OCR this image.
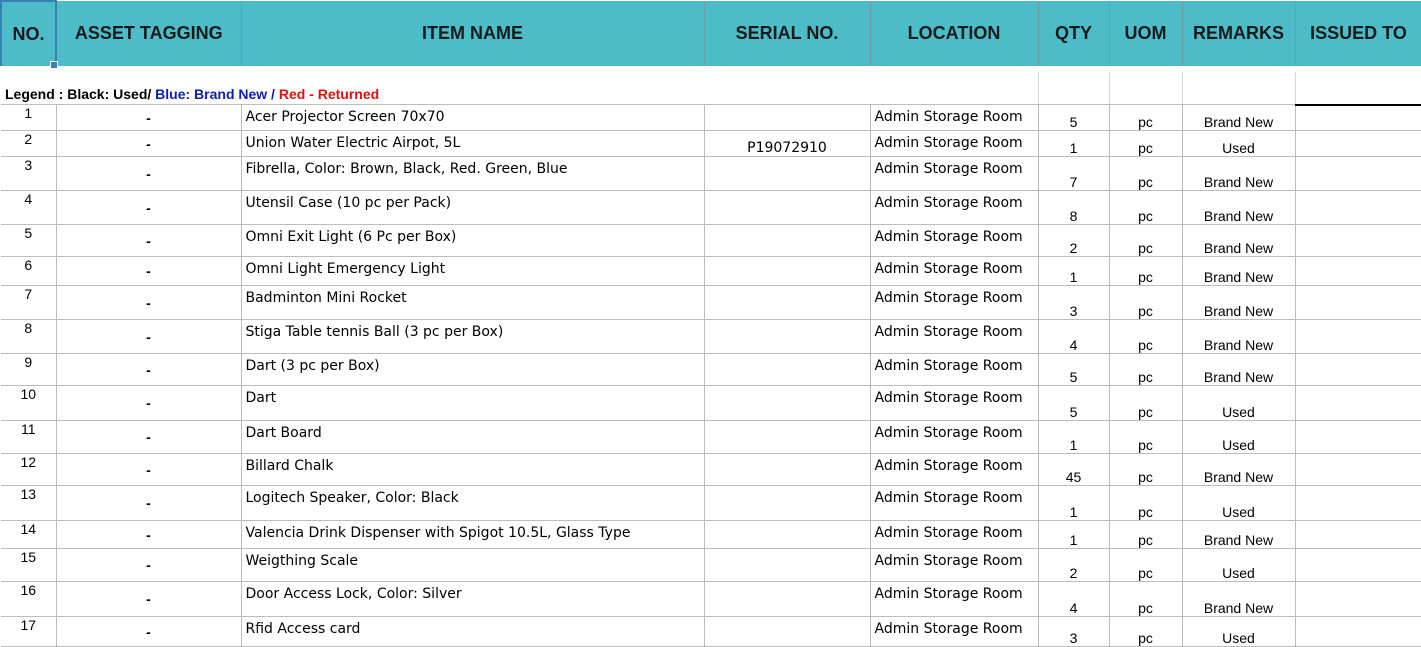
NO.	ASSET TAGGING	ITEM NAME	SERIAL NO.	LOCATION	QTY	UOM	REMARKS	ISSUED TO
Legend : Black: Used/ Blue: Brand New / Red - Returned								
1	-	Acer Projector Screen 70x70		Admin Storage Room	5	pc	Brand New	
2	-	Union Water Electric Airpot, 5L	P19072910	Admin Storage Room	1	pc	Used	
3	-	Fibrella, Color: Brown, Black, Red. Green, Blue		Admin Storage Room	7	pc	Brand New	
4	-	Utensil Case (10 pc per Pack)		Admin Storage Room	8	pc	Brand New	
5	-	Omni Exit Light (6 Pc per Box)		Admin Storage Room	2	pc	Brand New	
6	-	Omni Light Emergency Light		Admin Storage Room	1	pc	Brand New	
7	-	Badminton Mini Rocket		Admin Storage Room	3	pc	Brand New	
8	-	Stiga Table tennis Ball (3 pc per Box)		Admin Storage Room	4	pc	Brand New	
9	-	Dart (3 pc per Box)		Admin Storage Room	5	pc	Brand New	
10	-	Dart		Admin Storage Room	5	pc	Used	
11	-	Dart Board		Admin Storage Room	1	pc	Used	
12	-	Billard Chalk		Admin Storage Room	45	pc	Brand New	
13	-	Logitech Speaker, Color: Black		Admin Storage Room	1	pc	Used	
14	-	Valencia Drink Dispenser with Spigot 10.5L, Glass Type		Admin Storage Room	1	pc	Brand New	
15	-	Weigthing Scale		Admin Storage Room	2	pc	Used	
16	-	Door Access Lock, Color: Silver		Admin Storage Room	4	pc	Brand New	
17	-	Rfid Access card		Admin Storage Room	3	pc	Used	
